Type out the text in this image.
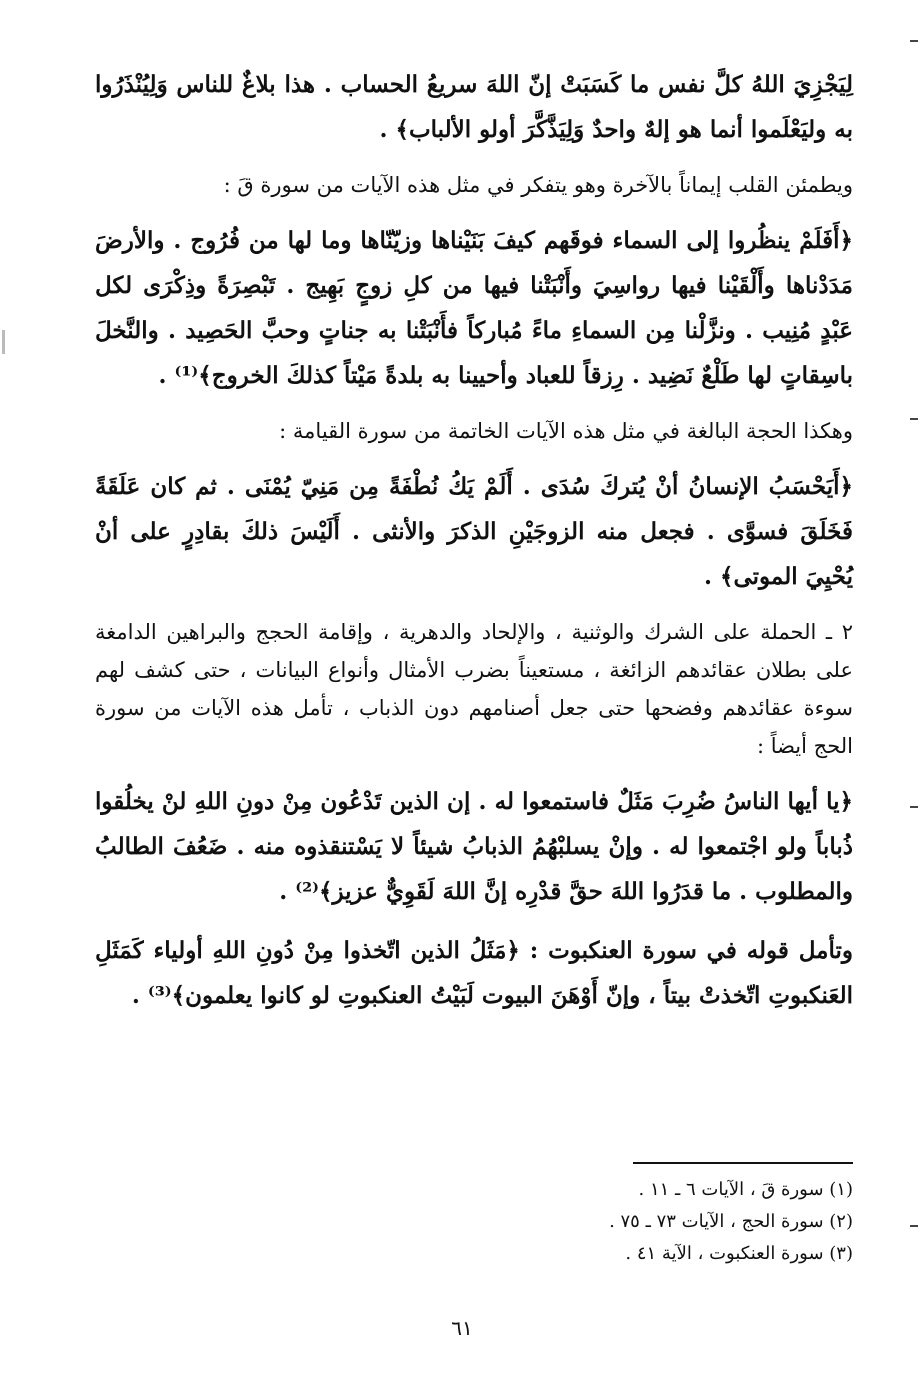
لِيَجْزِيَ اللهُ كلَّ نفس ما كَسَبَتْ إنّ اللهَ سريعُ الحساب . هذا بلاغٌ للناس وَلِيُنْذَرُوا به وليَعْلَموا أنما هو إلهٌ واحدٌ وَلِيَذَّكَّرَ أولو الألباب﴾ .

ويطمئن القلب إيماناً بالآخرة وهو يتفكر في مثل هذه الآيات من سورة قَ :

﴿أَفَلَمْ ينظُروا إلى السماء فوقَهم كيفَ بَنَيْناها وزيّنّاها وما لها من فُرُوج . والأرضَ مَدَدْناها وأَلْقَيْنا فيها رواسِيَ وأَنْبَتْنا فيها من كلِ زوجٍ بَهِيج . تَبْصِرَةً وذِكْرَى لكل عَبْدٍ مُنِيب . ونزَّلْنا مِن السماءِ ماءً مُباركاً فأَنْبَتْنا به جناتٍ وحبَّ الحَصِيد . والنَّخلَ باسِقاتٍ لها طَلْعٌ نَضِيد . رِزقاً للعباد وأحيينا به بلدةً مَيْتاً كذلكَ الخروج﴾⁽¹⁾ .

وهكذا الحجة البالغة في مثل هذه الآيات الخاتمة من سورة القيامة :

﴿أَيَحْسَبُ الإنسانُ أنْ يُتركَ سُدَى . أَلَمْ يَكُ نُطْفَةً مِن مَنِيّ يُمْنَى . ثم كان عَلَقَةً فَخَلَقَ فسوَّى . فجعل منه الزوجَيْنِ الذكرَ والأنثى . أَلَيْسَ ذلكَ بقادِرٍ على أنْ يُحْيِيَ الموتى﴾ .

٢ ـ الحملة على الشرك والوثنية ، والإلحاد والدهرية ، وإقامة الحجج والبراهين الدامغة على بطلان عقائدهم الزائغة ، مستعيناً بضرب الأمثال وأنواع البيانات ، حتى كشف لهم سوءة عقائدهم وفضحها حتى جعل أصنامهم دون الذباب ، تأمل هذه الآيات من سورة الحج أيضاً :

﴿يا أيها الناسُ ضُرِبَ مَثَلٌ فاستمعوا له . إن الذين تَدْعُون مِنْ دونِ اللهِ لنْ يخلُقوا ذُباباً ولو اجْتمعوا له . وإنْ يسلبْهُمُ الذبابُ شيئاً لا يَسْتنقذوه منه . ضَعُفَ الطالبُ والمطلوب . ما قدَرُوا اللهَ حقَّ قدْرِه إنَّ اللهَ لَقَوِيٌّ عزيز﴾⁽²⁾ .

وتأمل قوله في سورة العنكبوت : ﴿مَثَلُ الذين اتّخذوا مِنْ دُونِ اللهِ أولياء كَمَثَلِ العَنكبوتِ اتّخذتْ بيتاً ، وإنّ أَوْهَنَ البيوت لَبَيْتُ العنكبوتِ لو كانوا يعلمون﴾⁽³⁾ .

(١) سورة قَ ، الآيات ٦ ـ ١١ .

(٢) سورة الحج ، الآيات ٧٣ ـ ٧٥ .

(٣) سورة العنكبوت ، الآية ٤١ .

٦١
